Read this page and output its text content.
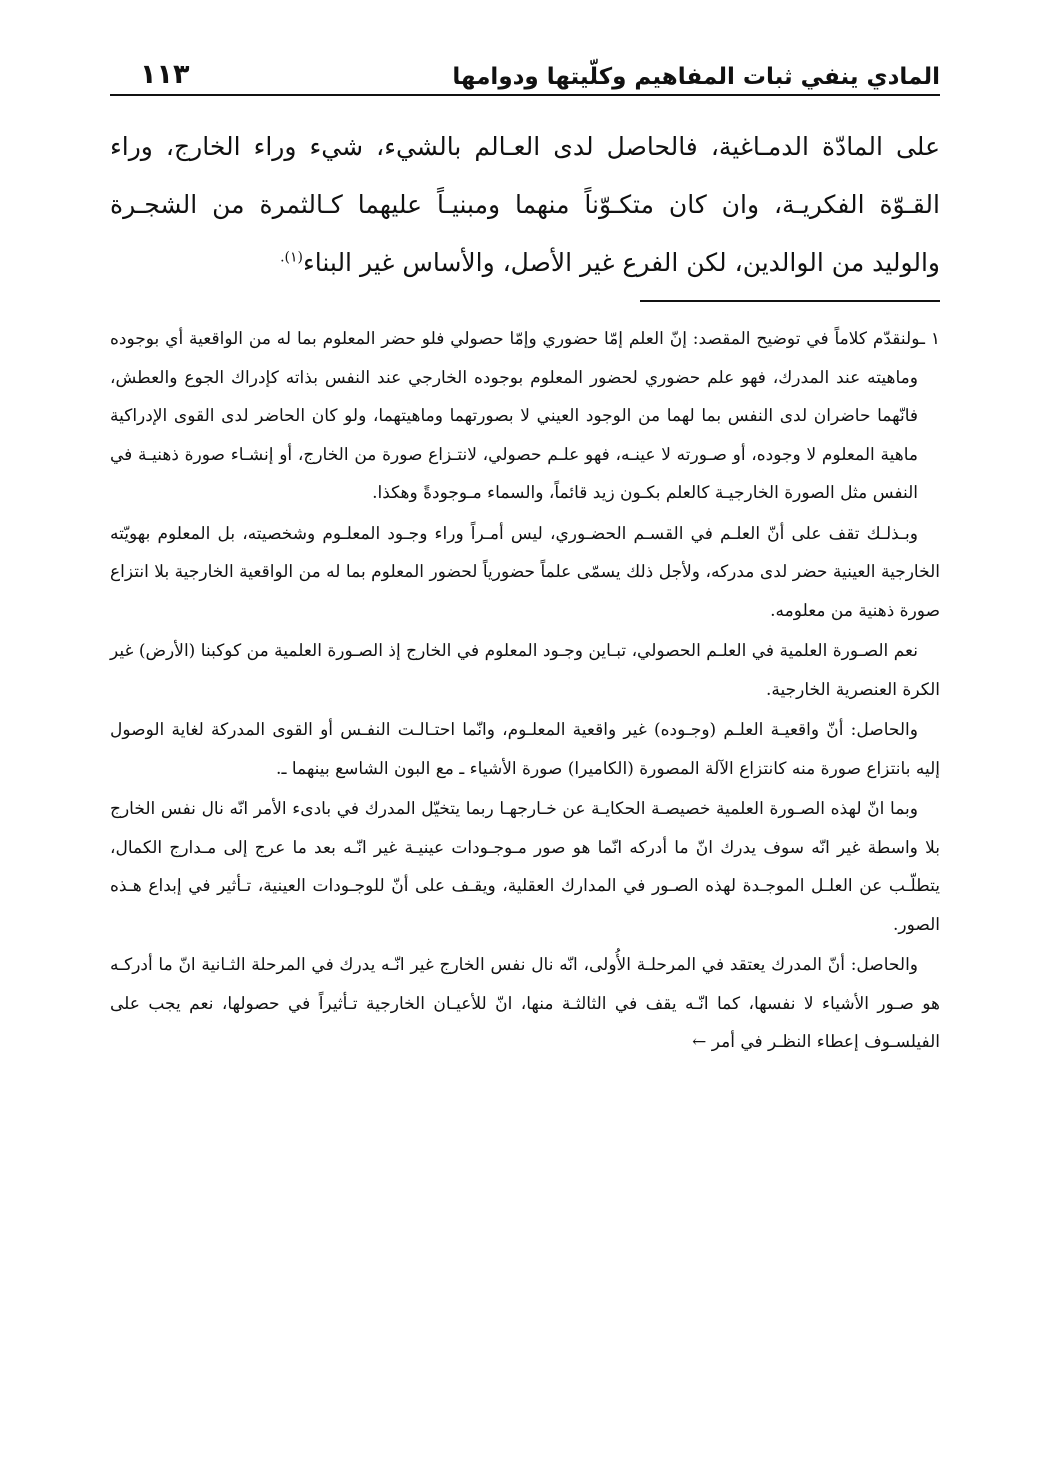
المادي ينفي ثبات المفاهيم وكلّيتها ودوامها
١١٣
على المادّة الدمـاغية، فالحاصل لدى العـالم بالشيء، شيء وراء الخارج، وراء القـوّة الفكريـة، وان كان متكـوّناً منهما ومبنيـاً عليهما كـالثمرة من الشجـرة والوليد من الوالدين، لكن الفرع غير الأصل، والأساس غير البناء$^{(١).}$

١ ـولنقدّم كلاماً في توضيح المقصد: إنّ العلم إمّا حضوري وإمّا حصولي فلو حضر المعلوم بما له من الواقعية أي بوجوده وماهيته عند المدرك، فهو علم حضوري لحضور المعلوم بوجوده الخارجي عند النفس بذاته كإدراك الجوع والعطش، فانّهما حاضران لدى النفس بما لهما من الوجود العيني لا بصورتهما وماهيتهما، ولو كان الحاضر لدى القوى الإدراكية ماهية المعلوم لا وجوده، أو صـورته لا عينـه، فهو علـم حصولي، لانتـزاع صورة من الخارج، أو إنشـاء صورة ذهنيـة في النفس مثل الصورة الخارجيـة كالعلم بكـون زيد قائماً، والسماء مـوجودةً وهكذا.

وبـذلـك تقف على أنّ العلـم في القسـم الحضـوري، ليس أمـراً وراء وجـود المعلـوم وشخصيته، بل المعلوم بهويّته الخارجية العينية حضر لدى مدركه، ولأجل ذلك يسمّى علماً حضورياً لحضور المعلوم بما له من الواقعية الخارجية بلا انتزاع صورة ذهنية من معلومه.

نعم الصـورة العلمية في العلـم الحصولي، تبـاين وجـود المعلوم في الخارج إذ الصـورة العلمية من كوكبنا (الأرض) غير الكرة العنصرية الخارجية.

والحاصل: أنّ واقعيـة العلـم (وجـوده) غير واقعية المعلـوم، وانّما احتـالـت النفـس أو القوى المدركة لغاية الوصول إليه بانتزاع صورة منه كانتزاع الآلة المصورة (الكاميرا) صورة الأشياء ـ مع البون الشاسع بينهما ـ.

وبما انّ لهذه الصـورة العلمية خصيصـة الحكايـة عن خـارجهـا ربما يتخيّل المدرك في بادىء الأمر انّه نال نفس الخارج بلا واسطة غير انّه سوف يدرك انّ ما أدركه انّما هو صور مـوجـودات عينيـة غير انّـه بعد ما عرج إلى مـدارج الكمال، يتطلّـب عن العلـل الموجـدة لهذه الصـور في المدارك العقلية، ويقـف على أنّ للوجـودات العينية، تـأثير في إبداع هـذه الصور.

والحاصل: أنّ المدرك يعتقد في المرحلـة الأُولى، انّه نال نفس الخارج غير انّـه يدرك في المرحلة الثـانية انّ ما أدركـه هو صـور الأشياء لا نفسها، كما انّـه يقف في الثالثـة منها، انّ للأعيـان الخارجية تـأثيراً في حصولها، نعم يجب على الفيلسـوف إعطاء النظـر في أمر ←
